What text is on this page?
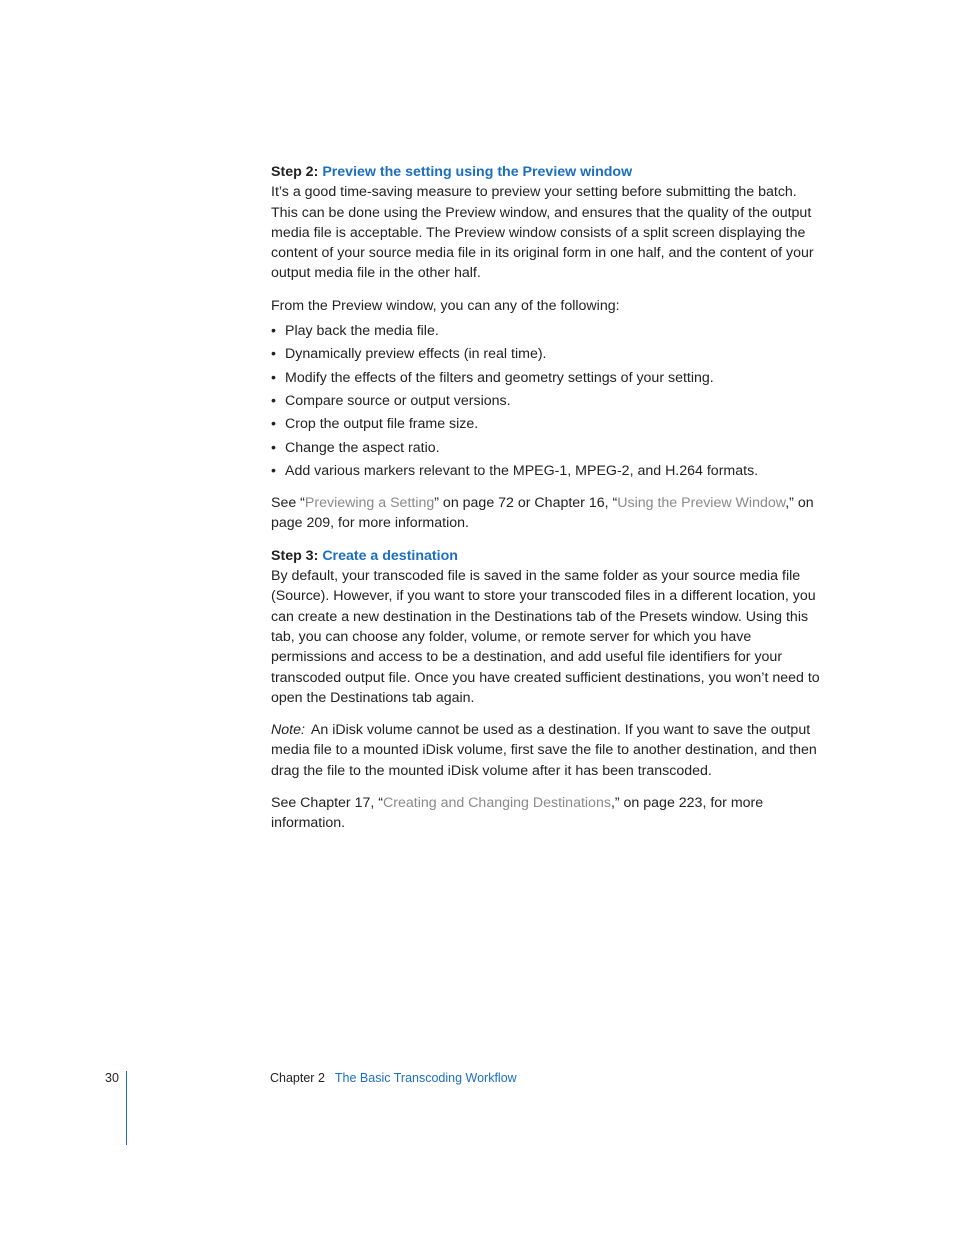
Step 2: Preview the setting using the Preview window

It’s a good time-saving measure to preview your setting before submitting the batch. This can be done using the Preview window, and ensures that the quality of the output media file is acceptable. The Preview window consists of a split screen displaying the content of your source media file in its original form in one half, and the content of your output media file in the other half.

From the Preview window, you can any of the following:

• Play back the media file.
• Dynamically preview effects (in real time).
• Modify the effects of the filters and geometry settings of your setting.
• Compare source or output versions.
• Crop the output file frame size.
• Change the aspect ratio.
• Add various markers relevant to the MPEG-1, MPEG-2, and H.264 formats.

See “Previewing a Setting” on page 72 or Chapter 16, “Using the Preview Window,” on page 209, for more information.

Step 3: Create a destination

By default, your transcoded file is saved in the same folder as your source media file (Source). However, if you want to store your transcoded files in a different location, you can create a new destination in the Destinations tab of the Presets window. Using this tab, you can choose any folder, volume, or remote server for which you have permissions and access to be a destination, and add useful file identifiers for your transcoded output file. Once you have created sufficient destinations, you won’t need to open the Destinations tab again.

Note: An iDisk volume cannot be used as a destination. If you want to save the output media file to a mounted iDisk volume, first save the file to another destination, and then drag the file to the mounted iDisk volume after it has been transcoded.

See Chapter 17, “Creating and Changing Destinations,” on page 223, for more information.

30	Chapter 2 The Basic Transcoding Workflow
